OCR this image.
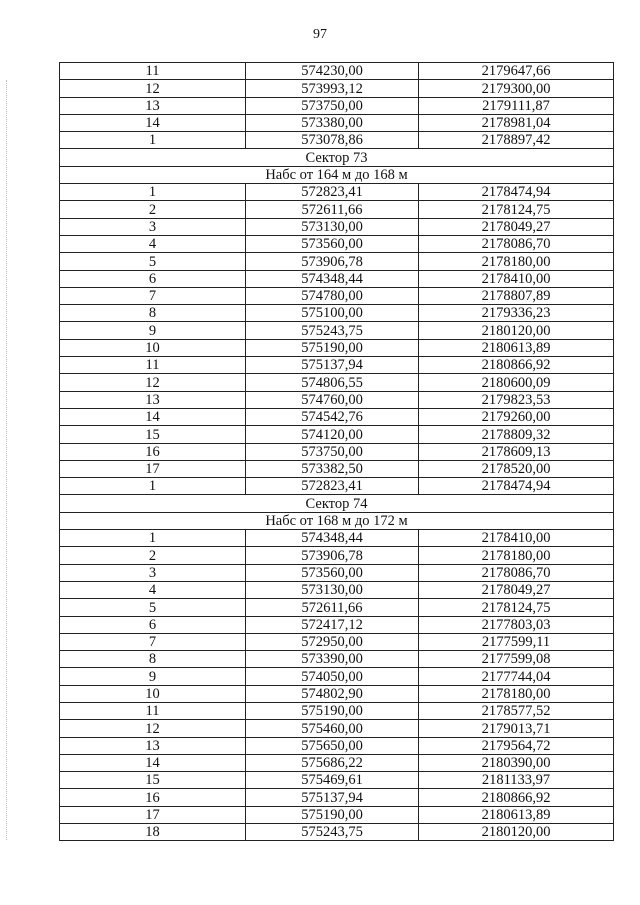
97
11	574230,00	2179647,66
12	573993,12	2179300,00
13	573750,00	2179111,87
14	573380,00	2178981,04
1	573078,86	2178897,42
Сектор 73		
Набс от 164 м до 168 м		
1	572823,41	2178474,94
2	572611,66	2178124,75
3	573130,00	2178049,27
4	573560,00	2178086,70
5	573906,78	2178180,00
6	574348,44	2178410,00
7	574780,00	2178807,89
8	575100,00	2179336,23
9	575243,75	2180120,00
10	575190,00	2180613,89
11	575137,94	2180866,92
12	574806,55	2180600,09
13	574760,00	2179823,53
14	574542,76	2179260,00
15	574120,00	2178809,32
16	573750,00	2178609,13
17	573382,50	2178520,00
1	572823,41	2178474,94
Сектор 74		
Набс от 168 м до 172 м		
1	574348,44	2178410,00
2	573906,78	2178180,00
3	573560,00	2178086,70
4	573130,00	2178049,27
5	572611,66	2178124,75
6	572417,12	2177803,03
7	572950,00	2177599,11
8	573390,00	2177599,08
9	574050,00	2177744,04
10	574802,90	2178180,00
11	575190,00	2178577,52
12	575460,00	2179013,71
13	575650,00	2179564,72
14	575686,22	2180390,00
15	575469,61	2181133,97
16	575137,94	2180866,92
17	575190,00	2180613,89
18	575243,75	2180120,00
